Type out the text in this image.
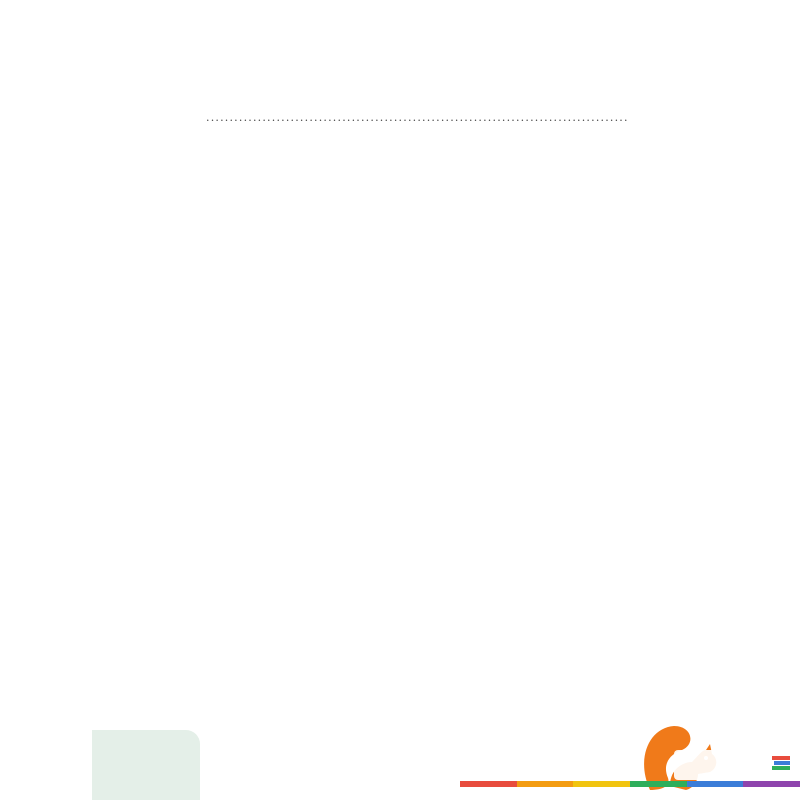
.....
